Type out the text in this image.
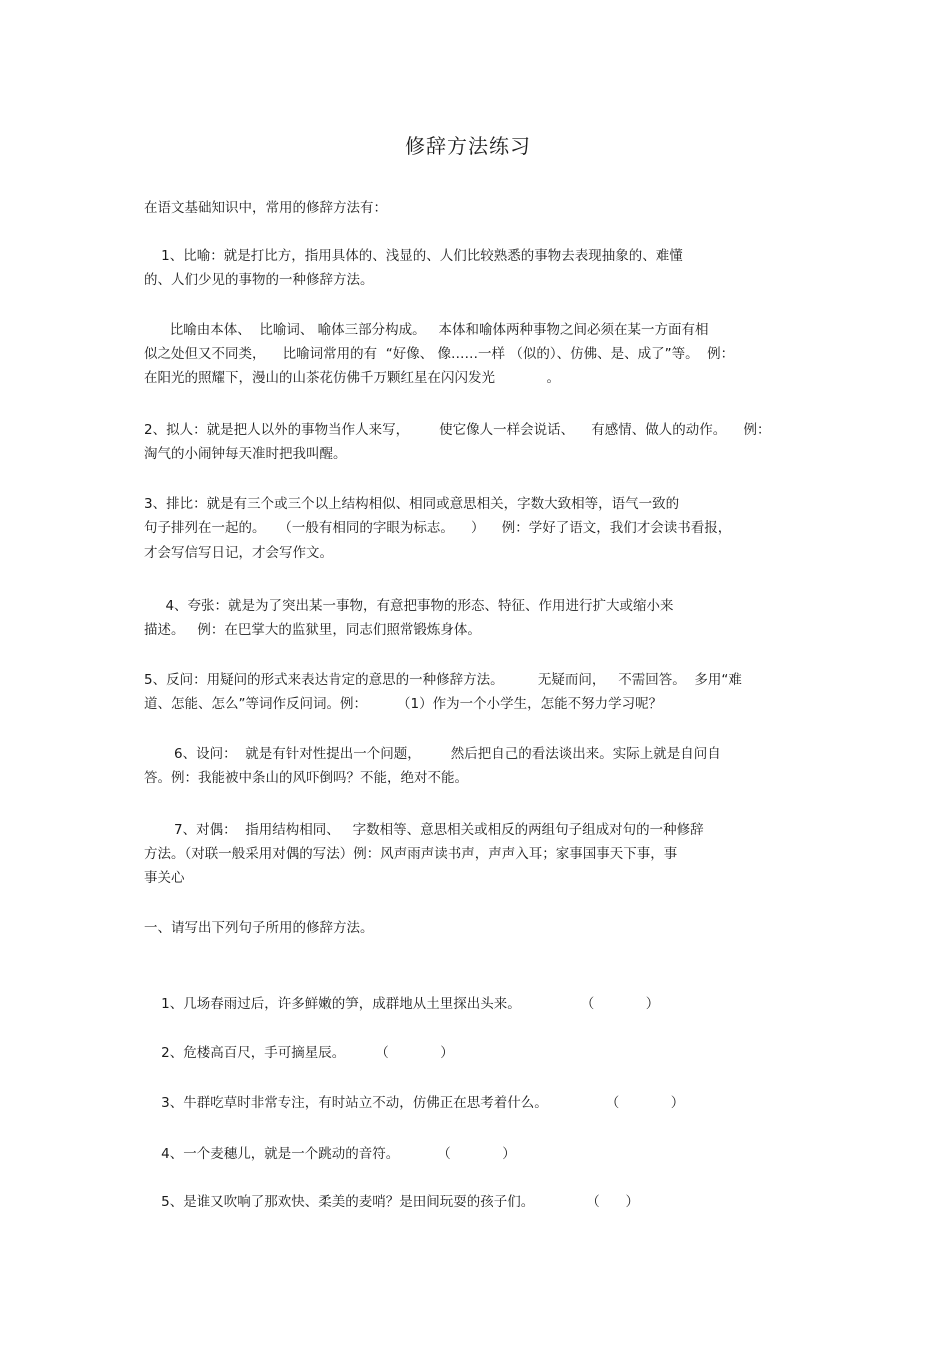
修辞方法练习
在语文基础知识中，常用的修辞方法有：
1、比喻：就是打比方，指用具体的、浅显的、人们比较熟悉的事物去表现抽象的、难懂
的、人们少见的事物的一种修辞方法。
比喻由本体、  比喻词、 喻体三部分构成。   本体和喻体两种事物之间必须在某一方面有相
似之处但又不同类，    比喻词常用的有  “好像、 像……一样 （似的）、仿佛、是、成了”等。  例：
在阳光的照耀下，漫山的山茶花仿佛千万颗红星在闪闪发光            。
2、拟人：就是把人以外的事物当作人来写，       使它像人一样会说话、    有感情、做人的动作。    例：
淘气的小闹钟每天准时把我叫醒。
3、排比：就是有三个或三个以上结构相似、相同或意思相关，字数大致相等，语气一致的
句子排列在一起的。   （一般有相同的字眼为标志。    ）    例：学好了语文，我们才会读书看报，
才会写信写日记，才会写作文。
4、夸张：就是为了突出某一事物，有意把事物的形态、特征、作用进行扩大或缩小来
描述。   例：在巴掌大的监狱里，同志们照常锻炼身体。
5、反问：用疑问的形式来表达肯定的意思的一种修辞方法。        无疑而问，   不需回答。  多用“难
道、怎能、怎么”等词作反问词。例：       （1）作为一个小学生，怎能不努力学习呢？
6、设问：  就是有针对性提出一个问题，       然后把自己的看法谈出来。实际上就是自问自
答。例：我能被中条山的风吓倒吗？不能，绝对不能。
7、对偶：  指用结构相同、   字数相等、意思相关或相反的两组句子组成对句的一种修辞
方法。（对联一般采用对偶的写法）例：风声雨声读书声，声声入耳；家事国事天下事，事
事关心
一、请写出下列句子所用的修辞方法。

1、几场春雨过后，许多鲜嫩的笋，成群地从土里探出头来。	（            ）

2、危楼高百尺，手可摘星辰。 （            ）

3、牛群吃草时非常专注，有时站立不动，仿佛正在思考着什么。	（            ）

4、一个麦穗儿，就是一个跳动的音符。	（            ）

5、是谁又吹响了那欢快、柔美的麦哨？是田间玩耍的孩子们。	（      ）
